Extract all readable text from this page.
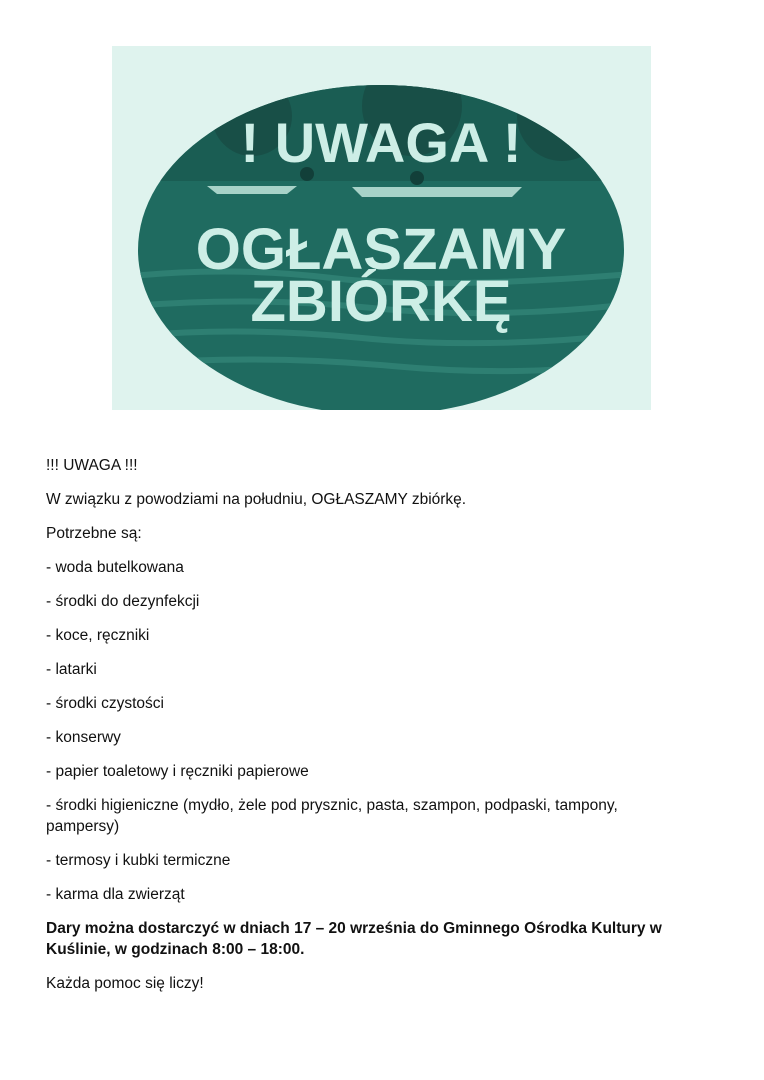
! UWAGA !
OGŁASZAMY
ZBIÓRKĘ

!!! UWAGA !!!

W związku z powodziami na południu, OGŁASZAMY zbiórkę.

Potrzebne są:

- woda butelkowana

- środki do dezynfekcji

- koce, ręczniki

- latarki

- środki czystości

- konserwy

- papier toaletowy i ręczniki papierowe

- środki higieniczne (mydło, żele pod prysznic, pasta, szampon, podpaski, tampony, pampersy)

- termosy i kubki termiczne

- karma dla zwierząt

Dary można dostarczyć w dniach 17 – 20 września do Gminnego Ośrodka Kultury w Kuślinie, w godzinach 8:00 – 18:00.

Każda pomoc się liczy!
